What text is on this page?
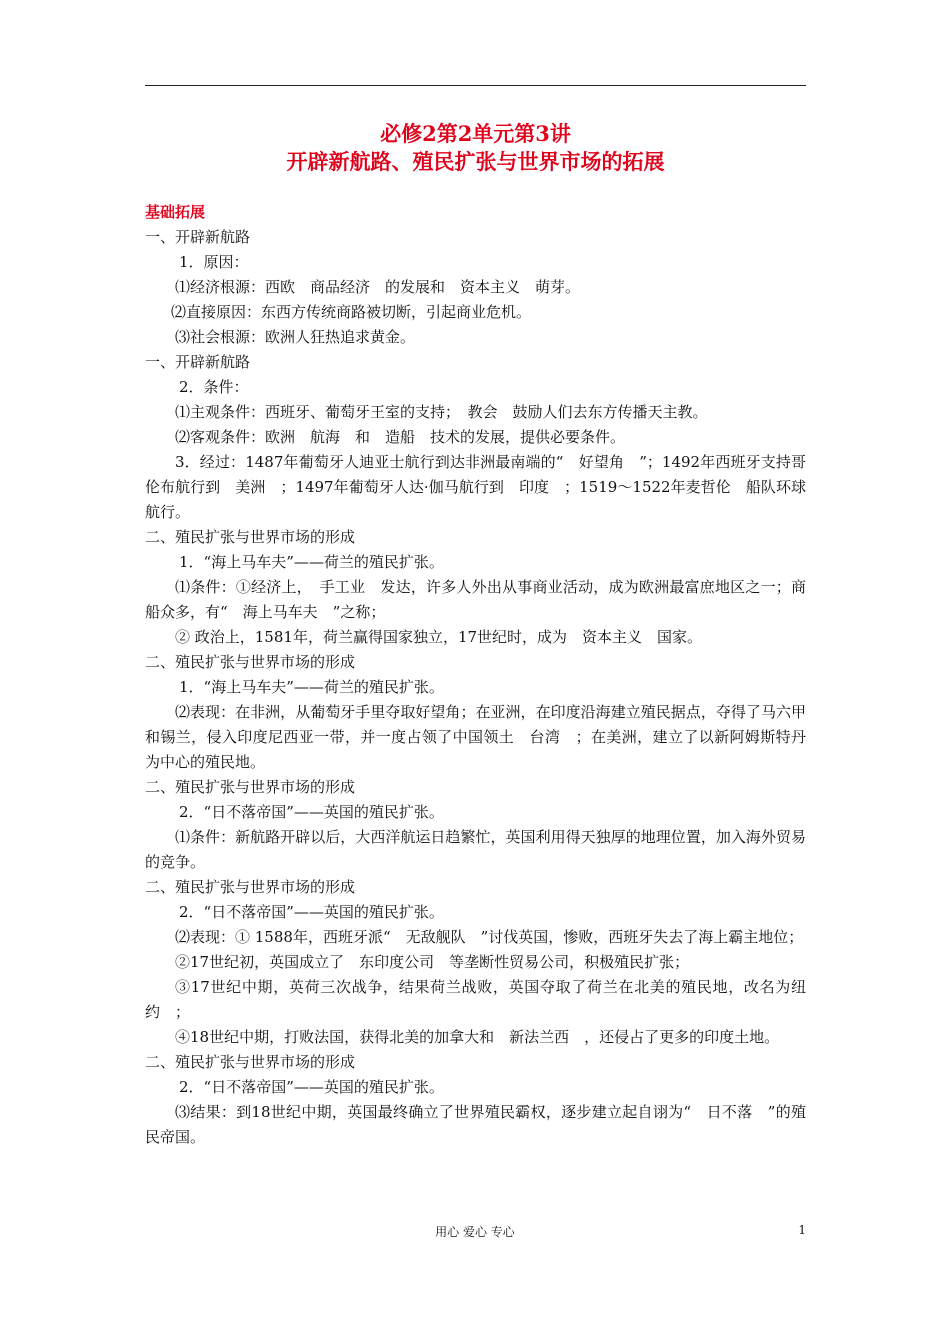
必修2第2单元第3讲
开辟新航路、殖民扩张与世界市场的拓展

基础拓展

一、开辟新航路

1．原因：

⑴经济根源：西欧　商品经济　的发展和　资本主义　萌芽。

⑵直接原因：东西方传统商路被切断，引起商业危机。

⑶社会根源：欧洲人狂热追求黄金。

一、开辟新航路

2．条件：

⑴主观条件：西班牙、葡萄牙王室的支持；　教会　鼓励人们去东方传播天主教。

⑵客观条件：欧洲　航海　和　造船　技术的发展，提供必要条件。

3．经过：1487年葡萄牙人迪亚士航行到达非洲最南端的“　好望角　”；1492年西班牙支持哥伦布航行到　美洲　；1497年葡萄牙人达·伽马航行到　印度　；1519～1522年麦哲伦　船队环球航行。

二、殖民扩张与世界市场的形成

1．“海上马车夫”——荷兰的殖民扩张。

⑴条件：①经济上，　手工业　发达，许多人外出从事商业活动，成为欧洲最富庶地区之一；商船众多，有“　海上马车夫　”之称；

② 政治上，1581年，荷兰赢得国家独立，17世纪时，成为　资本主义　国家。

二、殖民扩张与世界市场的形成

1．“海上马车夫”——荷兰的殖民扩张。

⑵表现：在非洲，从葡萄牙手里夺取好望角；在亚洲，在印度沿海建立殖民据点，夺得了马六甲和锡兰，侵入印度尼西亚一带，并一度占领了中国领土　台湾　；在美洲，建立了以新阿姆斯特丹　为中心的殖民地。

二、殖民扩张与世界市场的形成

2．“日不落帝国”——英国的殖民扩张。

⑴条件：新航路开辟以后，大西洋航运日趋繁忙，英国利用得天独厚的地理位置，加入海外贸易的竞争。

二、殖民扩张与世界市场的形成

2．“日不落帝国”——英国的殖民扩张。

⑵表现：① 1588年，西班牙派“　无敌舰队　”讨伐英国，惨败，西班牙失去了海上霸主地位；

②17世纪初，英国成立了　东印度公司　等垄断性贸易公司，积极殖民扩张；

③17世纪中期，英荷三次战争，结果荷兰战败，英国夺取了荷兰在北美的殖民地，改名为纽约　；

④18世纪中期，打败法国，获得北美的加拿大和　新法兰西　，还侵占了更多的印度土地。

二、殖民扩张与世界市场的形成

2．“日不落帝国”——英国的殖民扩张。

⑶结果：到18世纪中期，英国最终确立了世界殖民霸权，逐步建立起自诩为“　日不落　”的殖民帝国。

用心 爱心 专心	1
